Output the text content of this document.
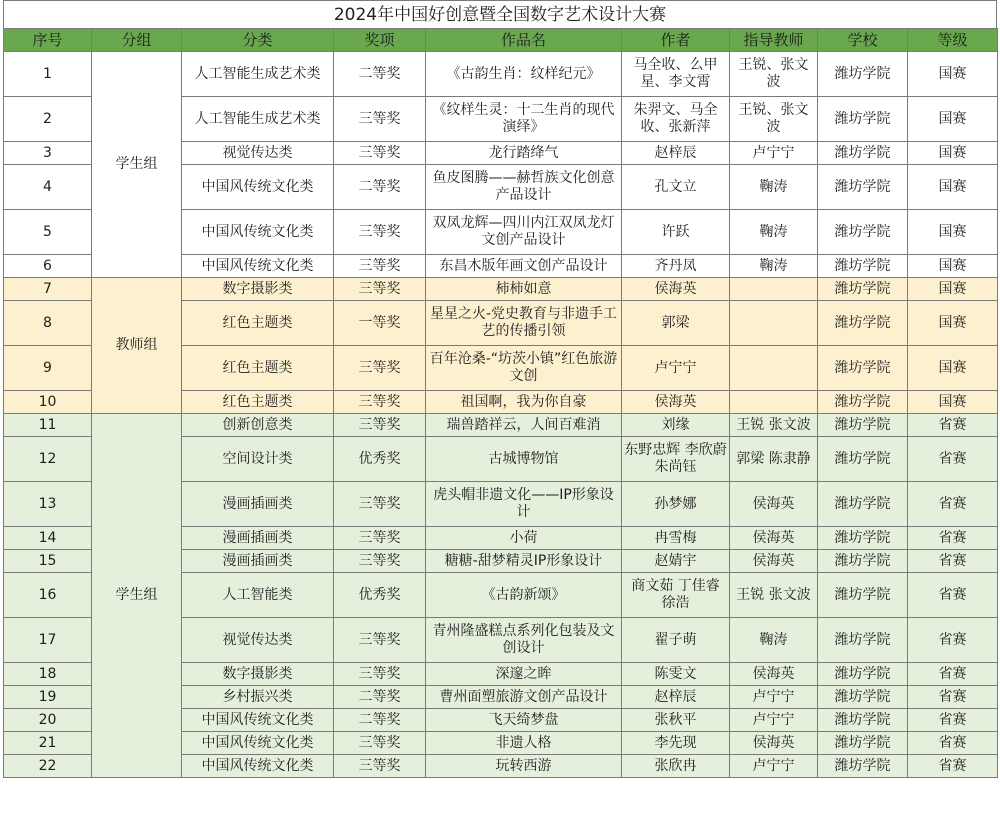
2024年中国好创意暨全国数字艺术设计大赛
序号	分组	分类	奖项	作品名	作者	指导教师	学校	等级
1	学生组	人工智能生成艺术类	二等奖	《古韵生肖：纹样纪元》	马全收、么甲星、李文霄	王锐、张文波	潍坊学院	国赛
2		人工智能生成艺术类	三等奖	《纹样生灵：十二生肖的现代演绎》	朱羿文、马全收、张新萍	王锐、张文波	潍坊学院	国赛
3		视觉传达类	三等奖	龙行踏绛气	赵梓辰	卢宁宁	潍坊学院	国赛
4		中国风传统文化类	二等奖	鱼皮图腾——赫哲族文化创意产品设计	孔文立	鞠涛	潍坊学院	国赛
5		中国风传统文化类	三等奖	双凤龙辉—四川内江双凤龙灯文创产品设计	许跃	鞠涛	潍坊学院	国赛
6		中国风传统文化类	三等奖	东昌木版年画文创产品设计	齐丹凤	鞠涛	潍坊学院	国赛
7	教师组	数字摄影类	三等奖	柿柿如意	侯海英		潍坊学院	国赛
8		红色主题类	一等奖	星星之火-党史教育与非遗手工艺的传播引领	郭梁		潍坊学院	国赛
9		红色主题类	三等奖	百年沧桑-“坊茨小镇”红色旅游文创	卢宁宁		潍坊学院	国赛
10		红色主题类	三等奖	祖国啊，我为你自豪	侯海英		潍坊学院	国赛
11	学生组	创新创意类	三等奖	瑞兽踏祥云，人间百难消	刘缘	王锐 张文波	潍坊学院	省赛
12		空间设计类	优秀奖	古城博物馆	东野忠辉 李欣蔚 朱尚钰	郭梁 陈隶静	潍坊学院	省赛
13		漫画插画类	三等奖	虎头帽非遗文化——IP形象设计	孙梦娜	侯海英	潍坊学院	省赛
14		漫画插画类	三等奖	小荷	冉雪梅	侯海英	潍坊学院	省赛
15		漫画插画类	三等奖	糖糖-甜梦精灵IP形象设计	赵婧宇	侯海英	潍坊学院	省赛
16		人工智能类	优秀奖	《古韵新颂》	商文茹 丁佳睿 徐浩	王锐 张文波	潍坊学院	省赛
17		视觉传达类	三等奖	青州隆盛糕点系列化包装及文创设计	翟子萌	鞠涛	潍坊学院	省赛
18		数字摄影类	三等奖	深邃之眸	陈雯文	侯海英	潍坊学院	省赛
19		乡村振兴类	二等奖	曹州面塑旅游文创产品设计	赵梓辰	卢宁宁	潍坊学院	省赛
20		中国风传统文化类	二等奖	飞天绮梦盘	张秋平	卢宁宁	潍坊学院	省赛
21		中国风传统文化类	三等奖	非遗人格	李先现	侯海英	潍坊学院	省赛
22		中国风传统文化类	三等奖	玩转西游	张欣冉	卢宁宁	潍坊学院	省赛
